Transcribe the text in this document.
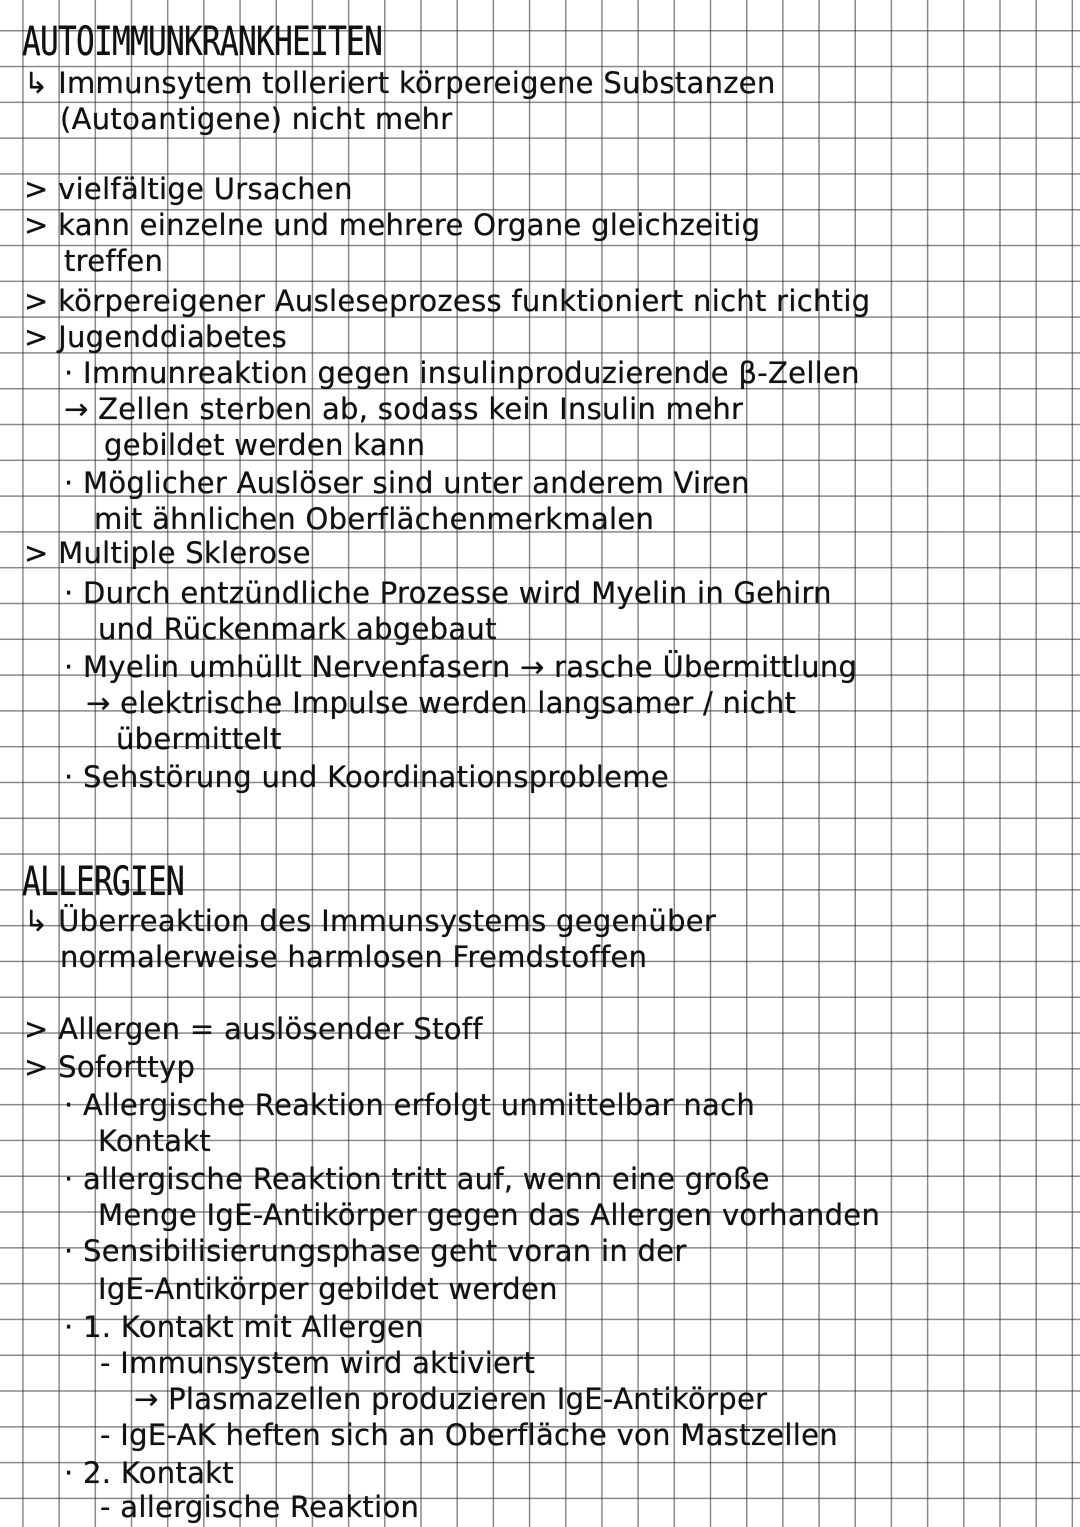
AUTOIMMUNKRANKHEITEN
↳ Immunsytem tolleriert körpereigene Substanzen
(Autoantigene) nicht mehr
> vielfältige Ursachen
> kann einzelne und mehrere Organe gleichzeitig
treffen
> körpereigener Ausleseprozess funktioniert nicht richtig
> Jugenddiabetes
· Immunreaktion gegen insulinproduzierende β-Zellen
→ Zellen sterben ab, sodass kein Insulin mehr
gebildet werden kann
· Möglicher Auslöser sind unter anderem Viren
mit ähnlichen Oberflächenmerkmalen
> Multiple Sklerose
· Durch entzündliche Prozesse wird Myelin in Gehirn
und Rückenmark abgebaut
· Myelin umhüllt Nervenfasern → rasche Übermittlung
→ elektrische Impulse werden langsamer / nicht
übermittelt
· Sehstörung und Koordinationsprobleme
ALLERGIEN
↳ Überreaktion des Immunsystems gegenüber
normalerweise harmlosen Fremdstoffen
> Allergen = auslösender Stoff
> Soforttyp
· Allergische Reaktion erfolgt unmittelbar nach
Kontakt
· allergische Reaktion tritt auf, wenn eine große
Menge IgE-Antikörper gegen das Allergen vorhanden
· Sensibilisierungsphase geht voran in der
IgE-Antikörper gebildet werden
· 1. Kontakt mit Allergen
- Immunsystem wird aktiviert
→ Plasmazellen produzieren IgE-Antikörper
- IgE-AK heften sich an Oberfläche von Mastzellen
· 2. Kontakt
- allergische Reaktion
